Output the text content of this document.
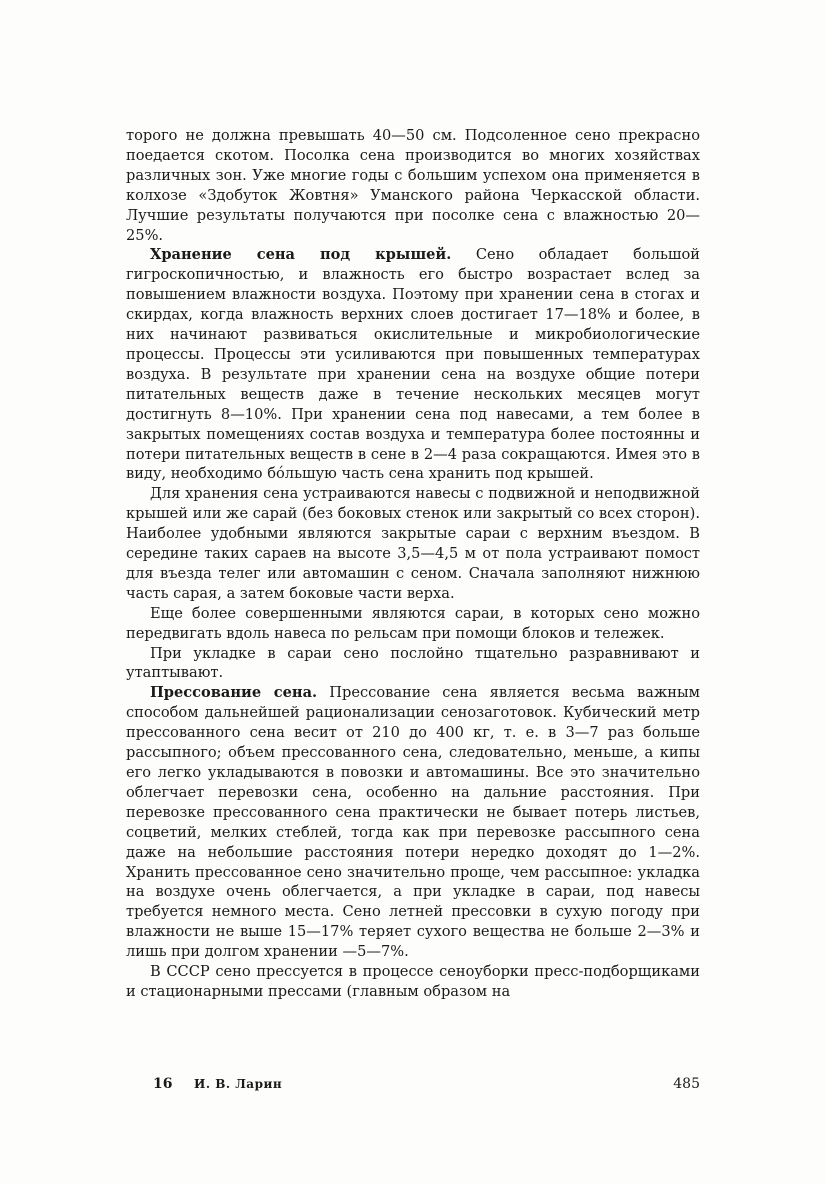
торого не должна превышать 40—50 см. Подсоленное сено прекрасно поедается скотом. Посолка сена производится во многих хозяйствах различных зон. Уже многие годы с большим успехом она применяется в колхозе «Здобуток Жовтня» Уманского района Черкасской области. Лучшие результаты получаются при посолке сена с влажностью 20—25%.

Хранение сена под крышей. Сено обладает большой гигроскопичностью, и влажность его быстро возрастает вслед за повышением влажности воздуха. Поэтому при хранении сена в стогах и скирдах, когда влажность верхних слоев достигает 17—18% и более, в них начинают развиваться окислительные и микробиологические процессы. Процессы эти усиливаются при повышенных температурах воздуха. В результате при хранении сена на воздухе общие потери питательных веществ даже в течение нескольких месяцев могут достигнуть 8—10%. При хранении сена под навесами, а тем более в закрытых помещениях состав воздуха и температура более постоянны и потери питательных веществ в сене в 2—4 раза сокращаются. Имея это в виду, необходимо бóльшую часть сена хранить под крышей.

Для хранения сена устраиваются навесы с подвижной и неподвижной крышей или же сарай (без боковых стенок или закрытый со всех сторон). Наиболее удобными являются закрытые сараи с верхним въездом. В середине таких сараев на высоте 3,5—4,5 м от пола устраивают помост для въезда телег или автомашин с сеном. Сначала заполняют нижнюю часть сарая, а затем боковые части верха.

Еще более совершенными являются сараи, в которых сено можно передвигать вдоль навеса по рельсам при помощи блоков и тележек.

При укладке в сараи сено послойно тщательно разравнивают и утаптывают.

Прессование сена. Прессование сена является весьма важным способом дальнейшей рационализации сенозаготовок. Кубический метр прессованного сена весит от 210 до 400 кг, т. е. в 3—7 раз больше рассыпного; объем прессованного сена, следовательно, меньше, а кипы его легко укладываются в повозки и автомашины. Все это значительно облегчает перевозки сена, особенно на дальние расстояния. При перевозке прессованного сена практически не бывает потерь листьев, соцветий, мелких стеблей, тогда как при перевозке рассыпного сена даже на небольшие расстояния потери нередко доходят до 1—2%. Хранить прессованное сено значительно проще, чем рассыпное: укладка на воздухе очень облегчается, а при укладке в сараи, под навесы требуется немного места. Сено летней прессовки в сухую погоду при влажности не выше 15—17% теряет сухого вещества не больше 2—3% и лишь при долгом хранении —5—7%.

В СССР сено прессуется в процессе сеноуборки пресс-подборщиками и стационарными прессами (главным образом на

16 И. В. Ларин	485
